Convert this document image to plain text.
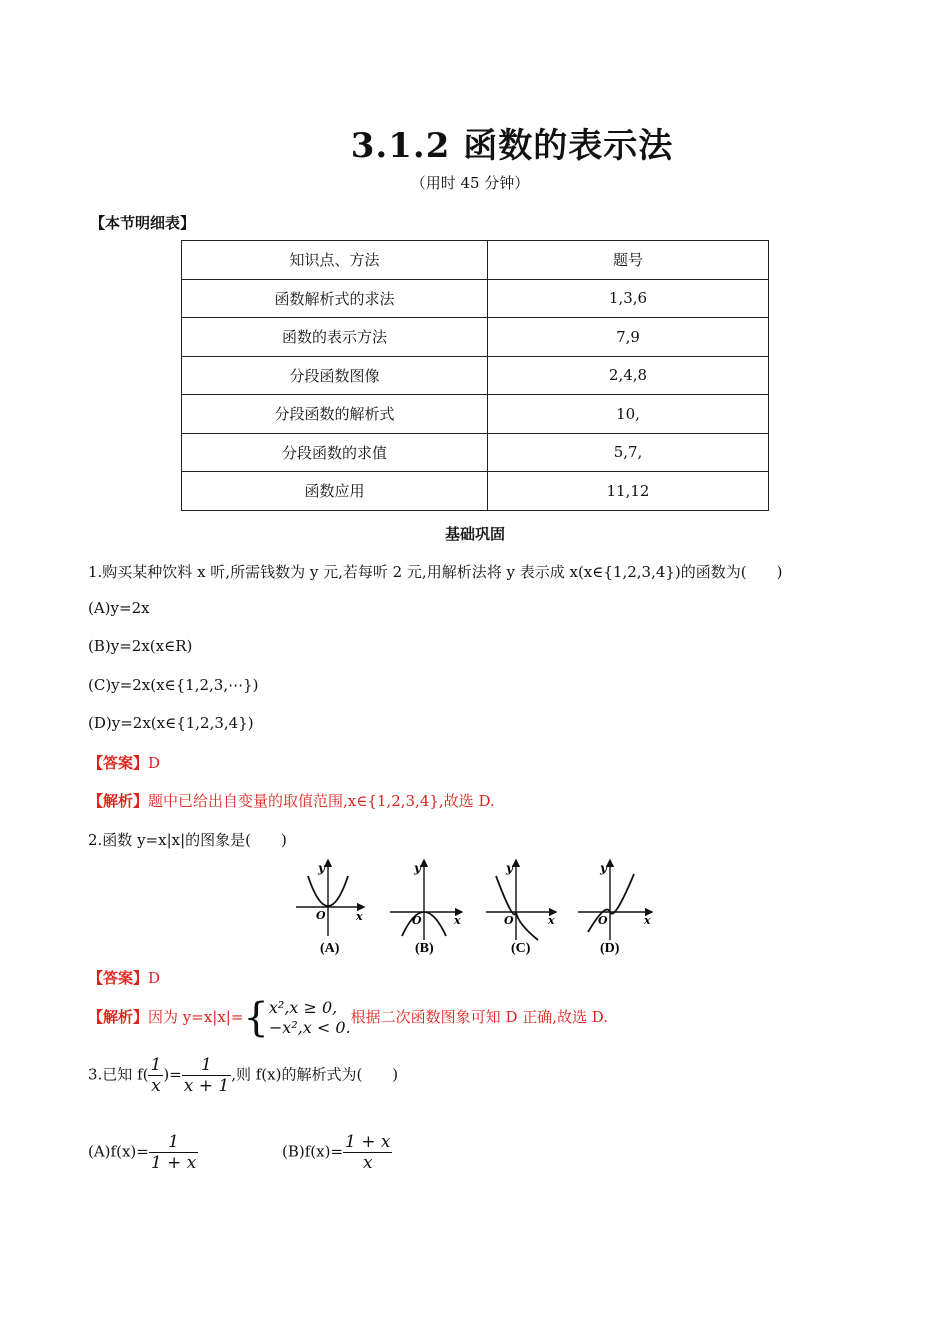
3.1.2 函数的表示法
（用时 45 分钟）
【本节明细表】
知识点、方法	题号
函数解析式的求法	1,3,6
函数的表示方法	7,9
分段函数图像	2,4,8
分段函数的解析式	10,
分段函数的求值	5,7,
函数应用	11,12
基础巩固
1.购买某种饮料 x 听,所需钱数为 y 元,若每听 2 元,用解析法将 y 表示成 x(x∈{1,2,3,4})的函数为(　　)
(A)y=2x
(B)y=2x(x∈R)
(C)y=2x(x∈{1,2,3,⋯})
(D)y=2x(x∈{1,2,3,4})
【答案】D
【解析】题中已给出自变量的取值范围,x∈{1,2,3,4},故选 D.
2.函数 y=x|x|的图象是(　　)
y
x
O
(A)
y
x
O
(B)
y
x
O
(C)
y
x
O
(D)
【答案】D
【解析】因为 y=x|x|={ x²,x ≥ 0,
−x²,x < 0.
根据二次函数图象可知 D 正确,故选 D.
3.已知 $f( \frac{1}{x}$ )= $\frac{1}{x + 1}$ ,则 f(x)的解析式为(　　)
$(A)f(x)= \frac{1}{1 + x}$	$(B)f(x)= \frac{1 + x}{x}$
